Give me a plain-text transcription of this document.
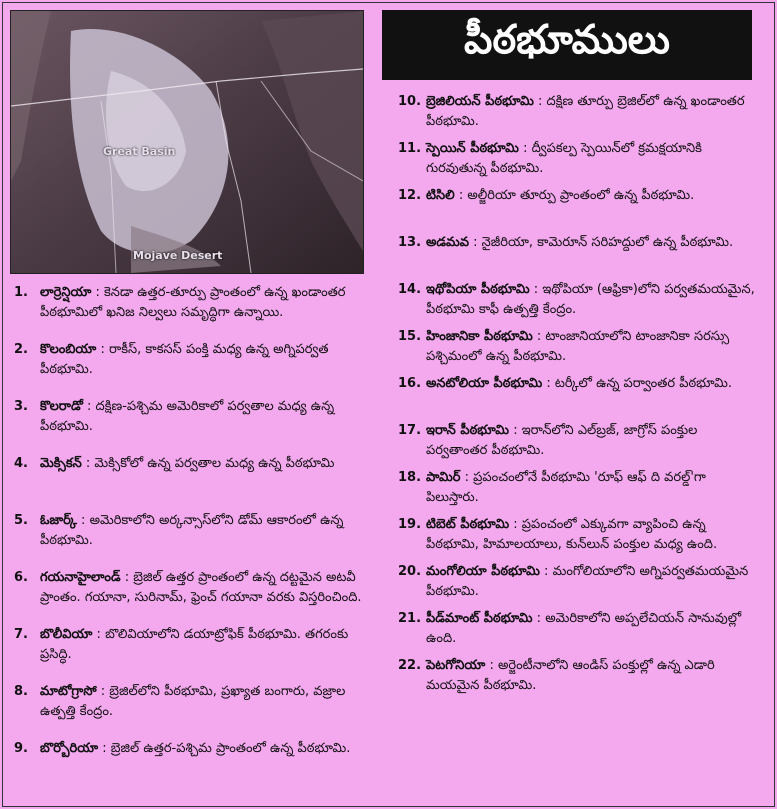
Great Basin
Mojave Desert
పీఠభూములు
1. లార్రెన్షియా : కెనడా ఉత్తర-తూర్పు ప్రాంతంలో ఉన్న ఖండాంతర పీఠభూమిలో ఖనిజ నిల్వలు సమృద్ధిగా ఉన్నాయి.
2. కొలంబియా : రాకీస్, కాకసస్ పంక్తి మధ్య ఉన్న అగ్నిపర్వత పీఠభూమి.
3. కొలరాడో : దక్షిణ-పశ్చిమ అమెరికాలో పర్వతాల మధ్య ఉన్న పీఠభూమి.
4. మెక్సికన్ : మెక్సికోలో ఉన్న పర్వతాల మధ్య ఉన్న పీఠభూమి
5. ఓజార్క్ : అమెరికాలోని అర్కన్సాస్‌లోని డోమ్ ఆకారంలో ఉన్న పీఠభూమి.
6. గయనాహైలాండ్ : బ్రెజిల్ ఉత్తర ప్రాంతంలో ఉన్న దట్టమైన అటవీ ప్రాంతం. గయానా, సురినామ్, ఫ్రెంచ్ గయానా వరకు విస్తరించింది.
7. బొలీవియా : బొలివియాలోని డయాట్రోఫిక్ పీఠభూమి. తగరంకు ప్రసిద్ధి.
8. మాటోగ్రాసో : బ్రెజిల్‌లోని పీఠభూమి, ప్రఖ్యాత బంగారు, వజ్రాల ఉత్పత్తి కేంద్రం.
9. బొర్బోరియా : బ్రెజిల్ ఉత్తర-పశ్చిమ ప్రాంతంలో ఉన్న పీఠభూమి.
10. బ్రెజిలియన్ పీఠభూమి : దక్షిణ తూర్పు బ్రెజిల్‌లో ఉన్న ఖండాంతర పీఠభూమి.
11. స్పెయిన్ పీఠభూమి : ద్వీపకల్ప స్పెయిన్‌లో క్రమక్షయానికి గురవుతున్న పీఠభూమి.
12. టిసిలి : అల్జీరియా తూర్పు ప్రాంతంలో ఉన్న పీఠభూమి.
13. అడమవ : నైజీరియా, కామెరూన్ సరిహద్దులో ఉన్న పీఠభూమి.
14. ఇథోపియా పీఠభూమి : ఇథోపియా (ఆఫ్రికా)లోని పర్వతమయమైన, పీఠభూమి కాఫీ ఉత్పత్తి కేంద్రం.
15. హింజానికా పీఠభూమి : టాంజానియాలోని టాంజానికా సరస్సు పశ్చిమంలో ఉన్న పీఠభూమి.
16. అనటోలియా పీఠభూమి : టర్కీలో ఉన్న పర్వాంతర పీఠభూమి.
17. ఇరాన్ పీఠభూమి : ఇరాన్‌లోని ఎల్‌బ్రజ్, జాగ్రోస్ పంక్తుల పర్వతాంతర పీఠభూమి.
18. పామిర్ : ప్రపంచంలోనే పీఠభూమి 'రూఫ్ ఆఫ్ ది వరల్డ్'గా పిలుస్తారు.
19. టిబెట్ పీఠభూమి : ప్రపంచంలో ఎక్కువగా వ్యాపించి ఉన్న పీఠభూమి, హిమాలయాలు, కున్‌లున్ పంక్తుల మధ్య ఉంది.
20. మంగోలియా పీఠభూమి : మంగోలియాలోని అగ్నిపర్వతమయమైన పీఠభూమి.
21. పీడ్‌మాంట్ పీఠభూమి : అమెరికాలోని అప్పలేచియన్ సానువుల్లో ఉంది.
22. పెటగోనియా : అర్జెంటీనాలోని ఆండిస్ పంక్తుల్లో ఉన్న ఎడారి మయమైన పీఠభూమి.
